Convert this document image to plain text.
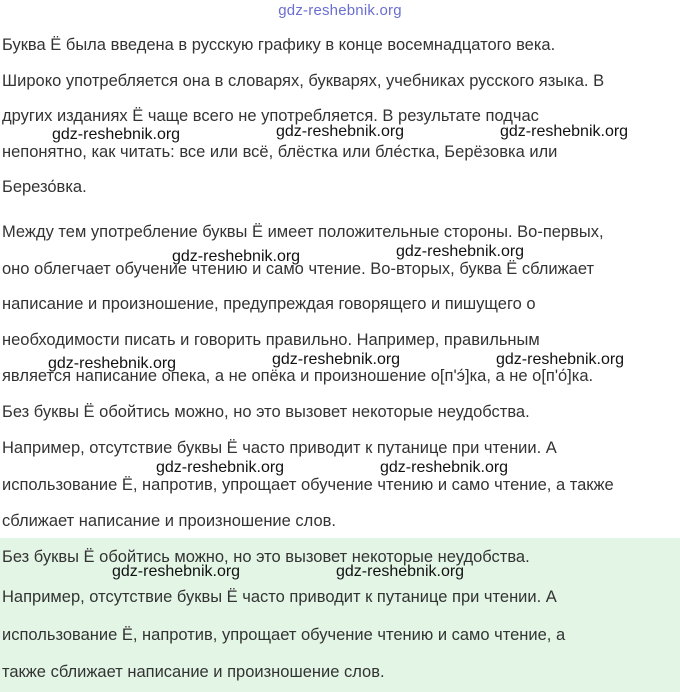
gdz-reshebnik.org
Буква Ё была введена в русскую графику в конце восемнадцатого века.
Широко употребляется она в словарях, букварях, учебниках русского языка. В
других изданиях Ё чаще всего не употребляется. В результате подчас
непонятно, как читать: все или всё, блёстка или бле́стка, Берёзовка или
Березо́вка.
Между тем употребление буквы Ё имеет положительные стороны. Во-первых,
оно облегчает обучение чтению и само чтение. Во-вторых, буква Ё сближает
написание и произношение, предупреждая говорящего и пишущего о
необходимости писать и говорить правильно. Например, правильным
является написание опека, а не опёка и произношение о[п'э́]ка, а не о[п'о́]ка.
Без буквы Ё обойтись можно, но это вызовет некоторые неудобства.
Например, отсутствие буквы Ё часто приводит к путанице при чтении. А
использование Ё, напротив, упрощает обучение чтению и само чтение, а также
сближает написание и произношение слов.
Без буквы Ё обойтись можно, но это вызовет некоторые неудобства.
Например, отсутствие буквы Ё часто приводит к путанице при чтении. А
использование Ё, напротив, упрощает обучение чтению и само чтение, а
также сближает написание и произношение слов.
gdz-reshebnik.org	gdz-reshebnik.org	gdz-reshebnik.org
gdz-reshebnik.org	gdz-reshebnik.org
gdz-reshebnik.org	gdz-reshebnik.org	gdz-reshebnik.org
gdz-reshebnik.org	gdz-reshebnik.org
gdz-reshebnik.org	gdz-reshebnik.org
